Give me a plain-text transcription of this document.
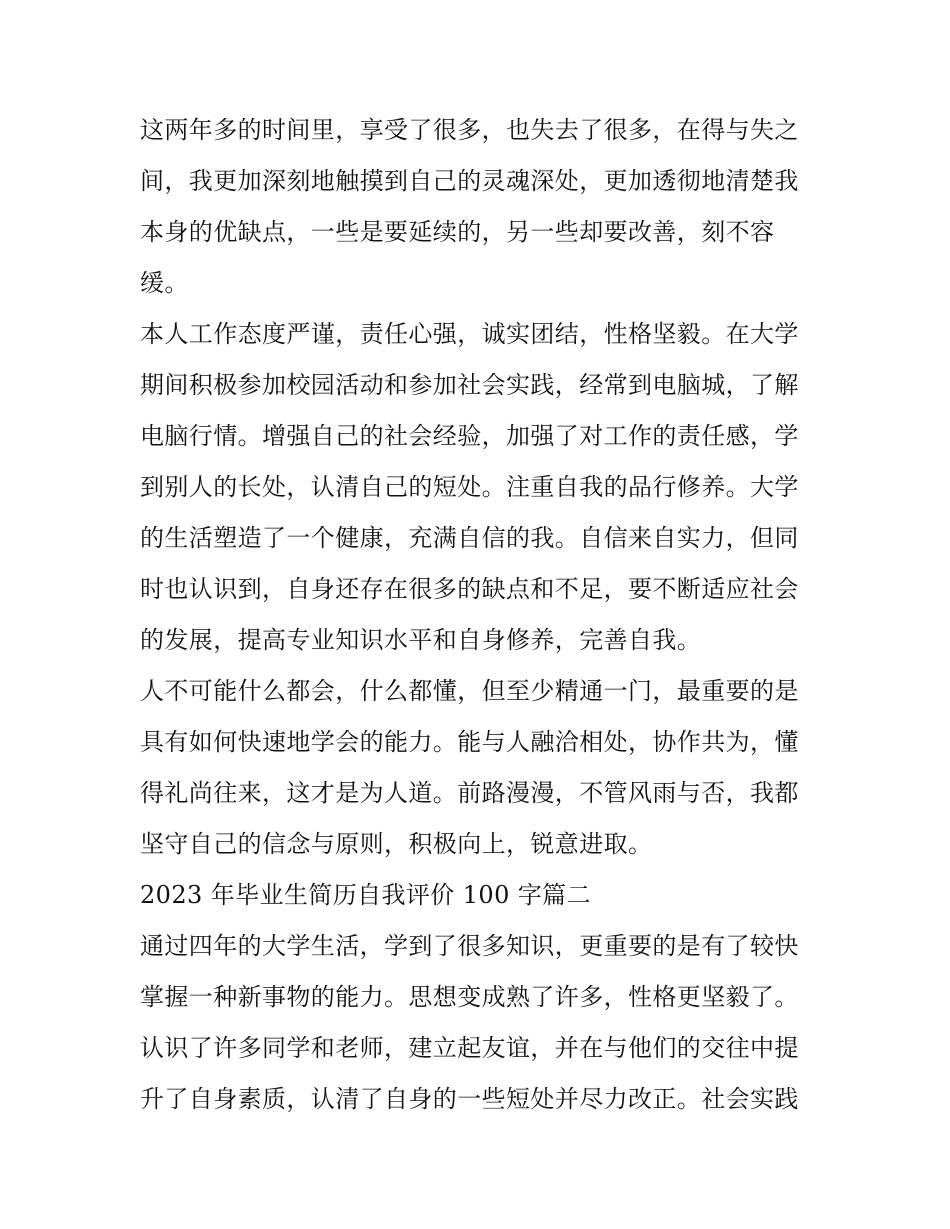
这两年多的时间里，享受了很多，也失去了很多，在得与失之
间，我更加深刻地触摸到自己的灵魂深处，更加透彻地清楚我
本身的优缺点，一些是要延续的，另一些却要改善，刻不容
缓。
本人工作态度严谨，责任心强，诚实团结，性格坚毅。在大学
期间积极参加校园活动和参加社会实践，经常到电脑城，了解
电脑行情。增强自己的社会经验，加强了对工作的责任感，学
到别人的长处，认清自己的短处。注重自我的品行修养。大学
的生活塑造了一个健康，充满自信的我。自信来自实力，但同
时也认识到，自身还存在很多的缺点和不足，要不断适应社会
的发展，提高专业知识水平和自身修养，完善自我。
人不可能什么都会，什么都懂，但至少精通一门，最重要的是
具有如何快速地学会的能力。能与人融洽相处，协作共为，懂
得礼尚往来，这才是为人道。前路漫漫，不管风雨与否，我都
坚守自己的信念与原则，积极向上，锐意进取。
2023 年毕业生简历自我评价 100 字篇二
通过四年的大学生活，学到了很多知识，更重要的是有了较快
掌握一种新事物的能力。思想变成熟了许多，性格更坚毅了。
认识了许多同学和老师，建立起友谊，并在与他们的交往中提
升了自身素质，认清了自身的一些短处并尽力改正。社会实践
